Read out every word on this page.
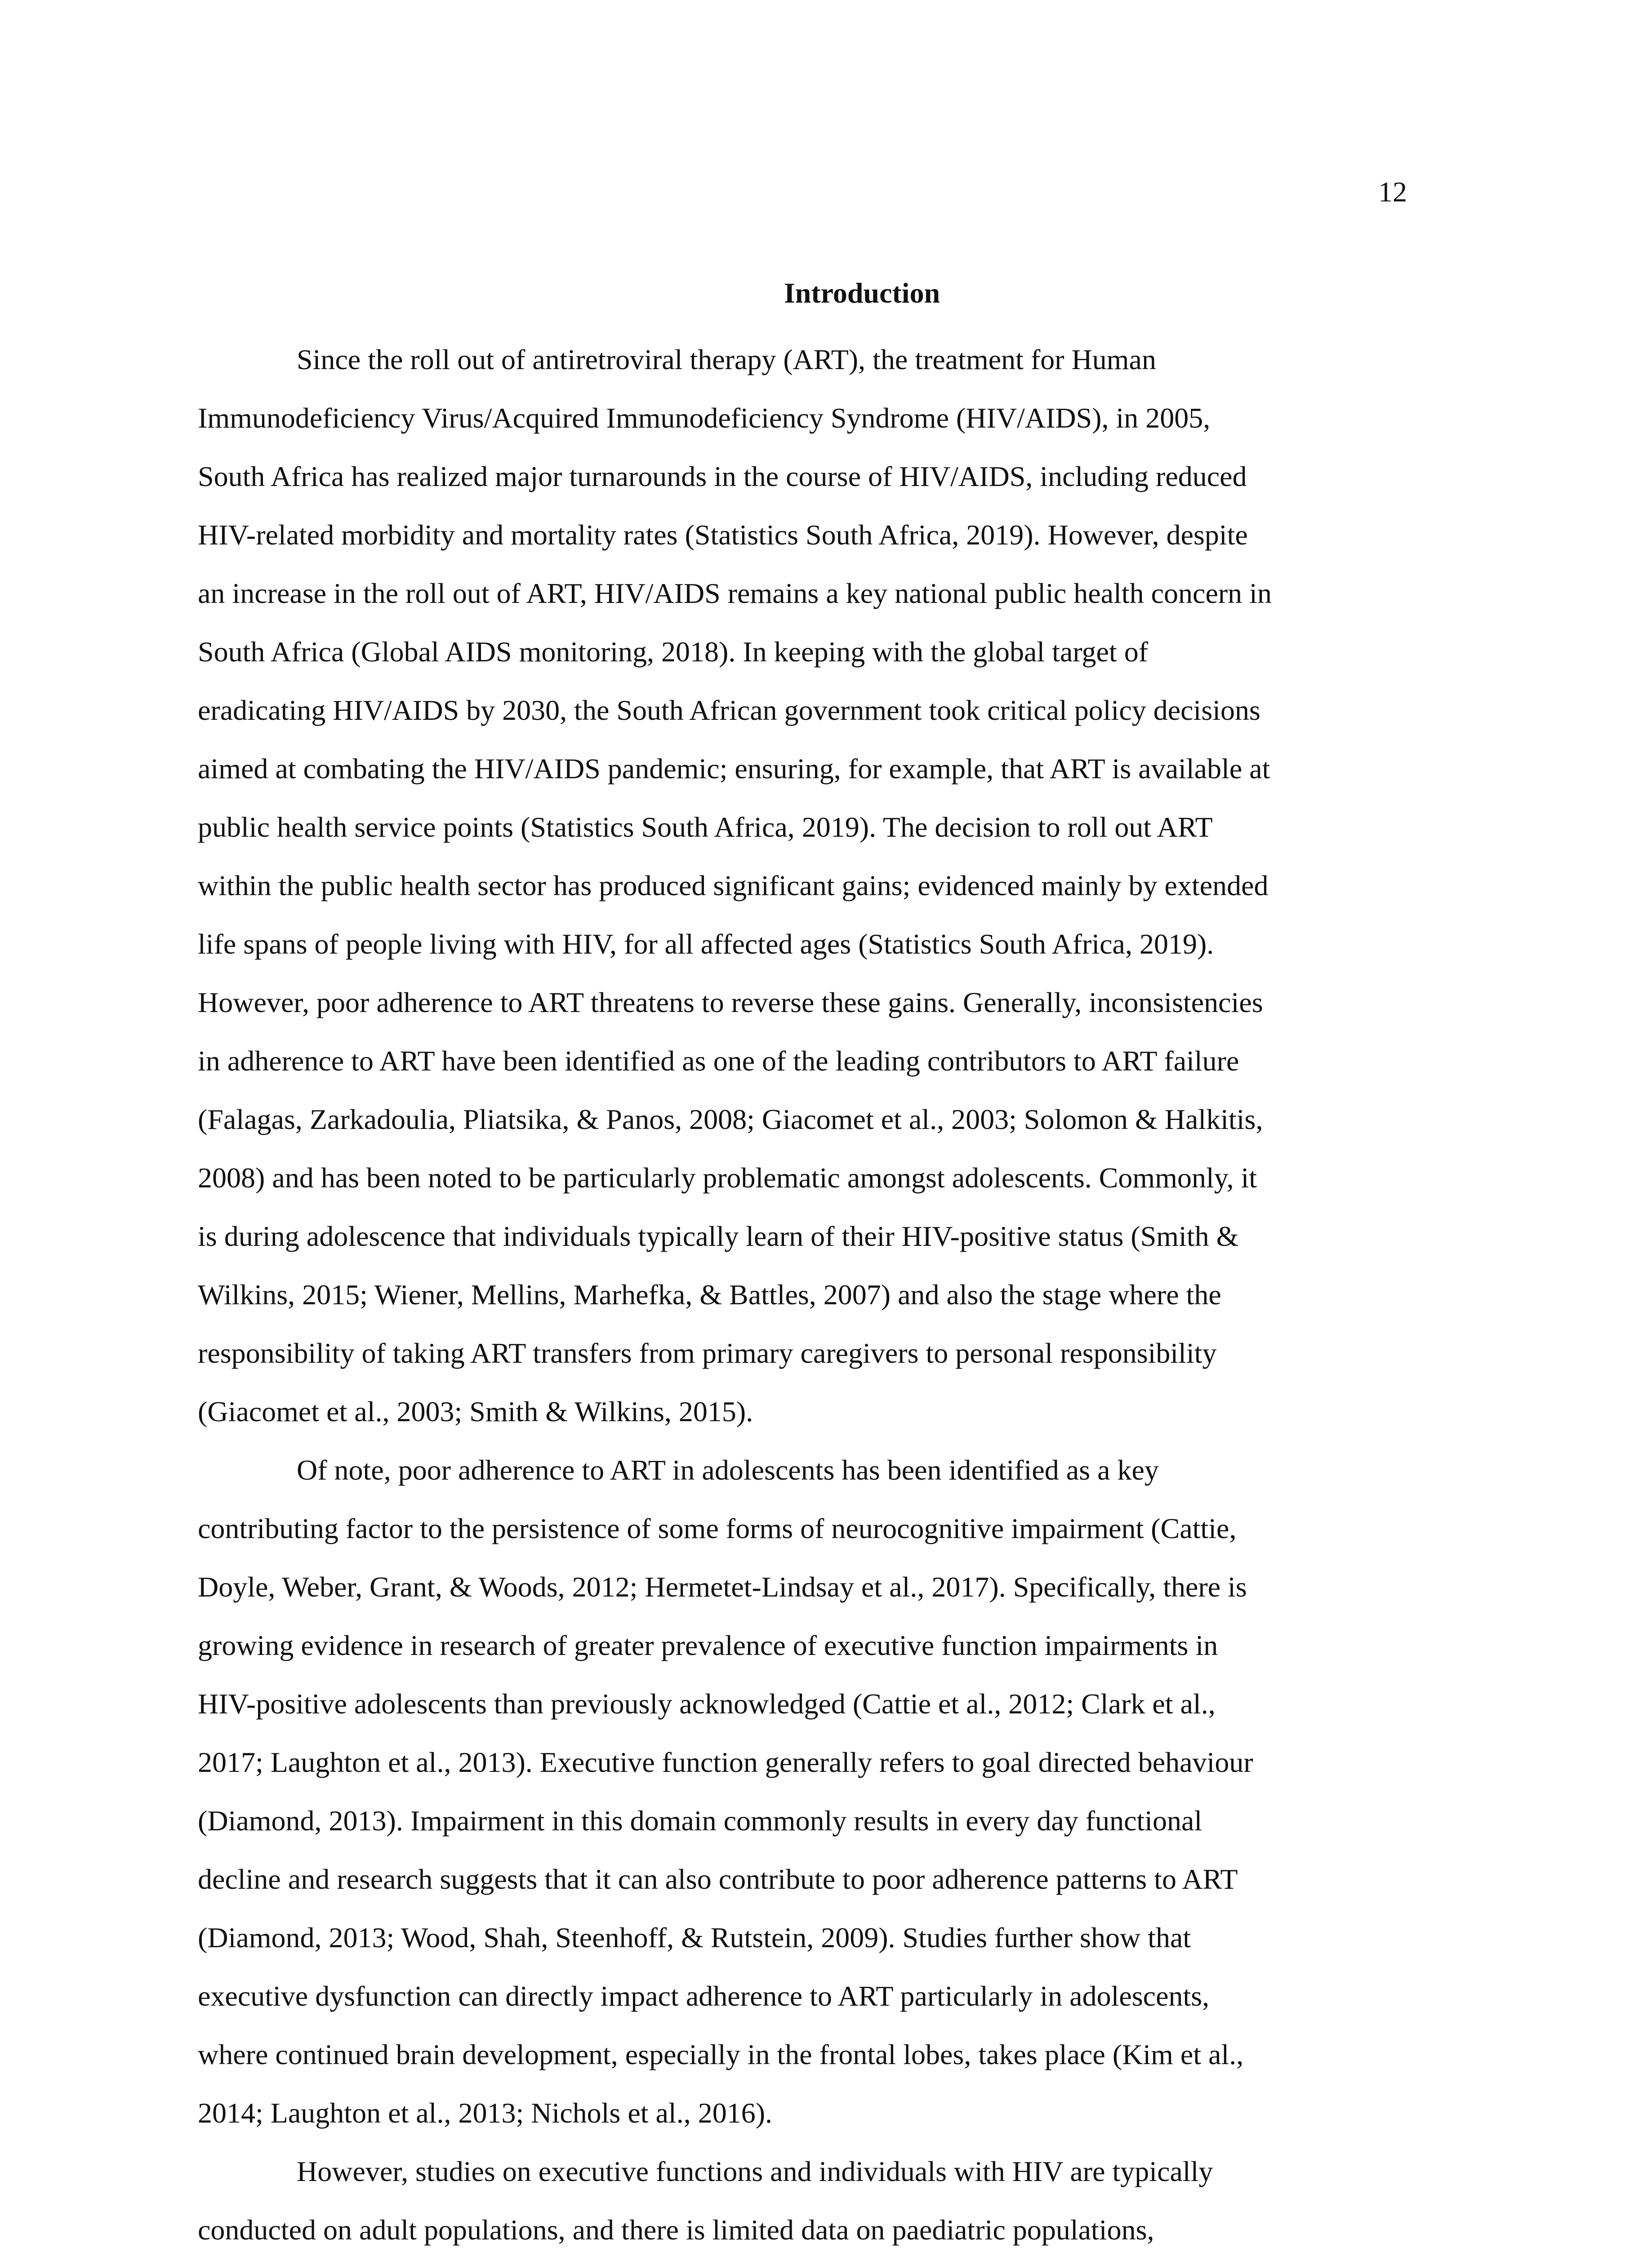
12
Introduction
Since the roll out of antiretroviral therapy (ART), the treatment for Human
Immunodeficiency Virus/Acquired Immunodeficiency Syndrome (HIV/AIDS), in 2005,
South Africa has realized major turnarounds in the course of HIV/AIDS, including reduced
HIV-related morbidity and mortality rates (Statistics South Africa, 2019). However, despite
an increase in the roll out of ART, HIV/AIDS remains a key national public health concern in
South Africa (Global AIDS monitoring, 2018). In keeping with the global target of
eradicating HIV/AIDS by 2030, the South African government took critical policy decisions
aimed at combating the HIV/AIDS pandemic; ensuring, for example, that ART is available at
public health service points (Statistics South Africa, 2019). The decision to roll out ART
within the public health sector has produced significant gains; evidenced mainly by extended
life spans of people living with HIV, for all affected ages (Statistics South Africa, 2019).
However, poor adherence to ART threatens to reverse these gains. Generally, inconsistencies
in adherence to ART have been identified as one of the leading contributors to ART failure
(Falagas, Zarkadoulia, Pliatsika, & Panos, 2008; Giacomet et al., 2003; Solomon & Halkitis,
2008) and has been noted to be particularly problematic amongst adolescents. Commonly, it
is during adolescence that individuals typically learn of their HIV-positive status (Smith &
Wilkins, 2015; Wiener, Mellins, Marhefka, & Battles, 2007) and also the stage where the
responsibility of taking ART transfers from primary caregivers to personal responsibility
(Giacomet et al., 2003; Smith & Wilkins, 2015).
Of note, poor adherence to ART in adolescents has been identified as a key
contributing factor to the persistence of some forms of neurocognitive impairment (Cattie,
Doyle, Weber, Grant, & Woods, 2012; Hermetet-Lindsay et al., 2017). Specifically, there is
growing evidence in research of greater prevalence of executive function impairments in
HIV-positive adolescents than previously acknowledged (Cattie et al., 2012; Clark et al.,
2017; Laughton et al., 2013). Executive function generally refers to goal directed behaviour
(Diamond, 2013). Impairment in this domain commonly results in every day functional
decline and research suggests that it can also contribute to poor adherence patterns to ART
(Diamond, 2013; Wood, Shah, Steenhoff, & Rutstein, 2009). Studies further show that
executive dysfunction can directly impact adherence to ART particularly in adolescents,
where continued brain development, especially in the frontal lobes, takes place (Kim et al.,
2014; Laughton et al., 2013; Nichols et al., 2016).
However, studies on executive functions and individuals with HIV are typically
conducted on adult populations, and there is limited data on paediatric populations,
